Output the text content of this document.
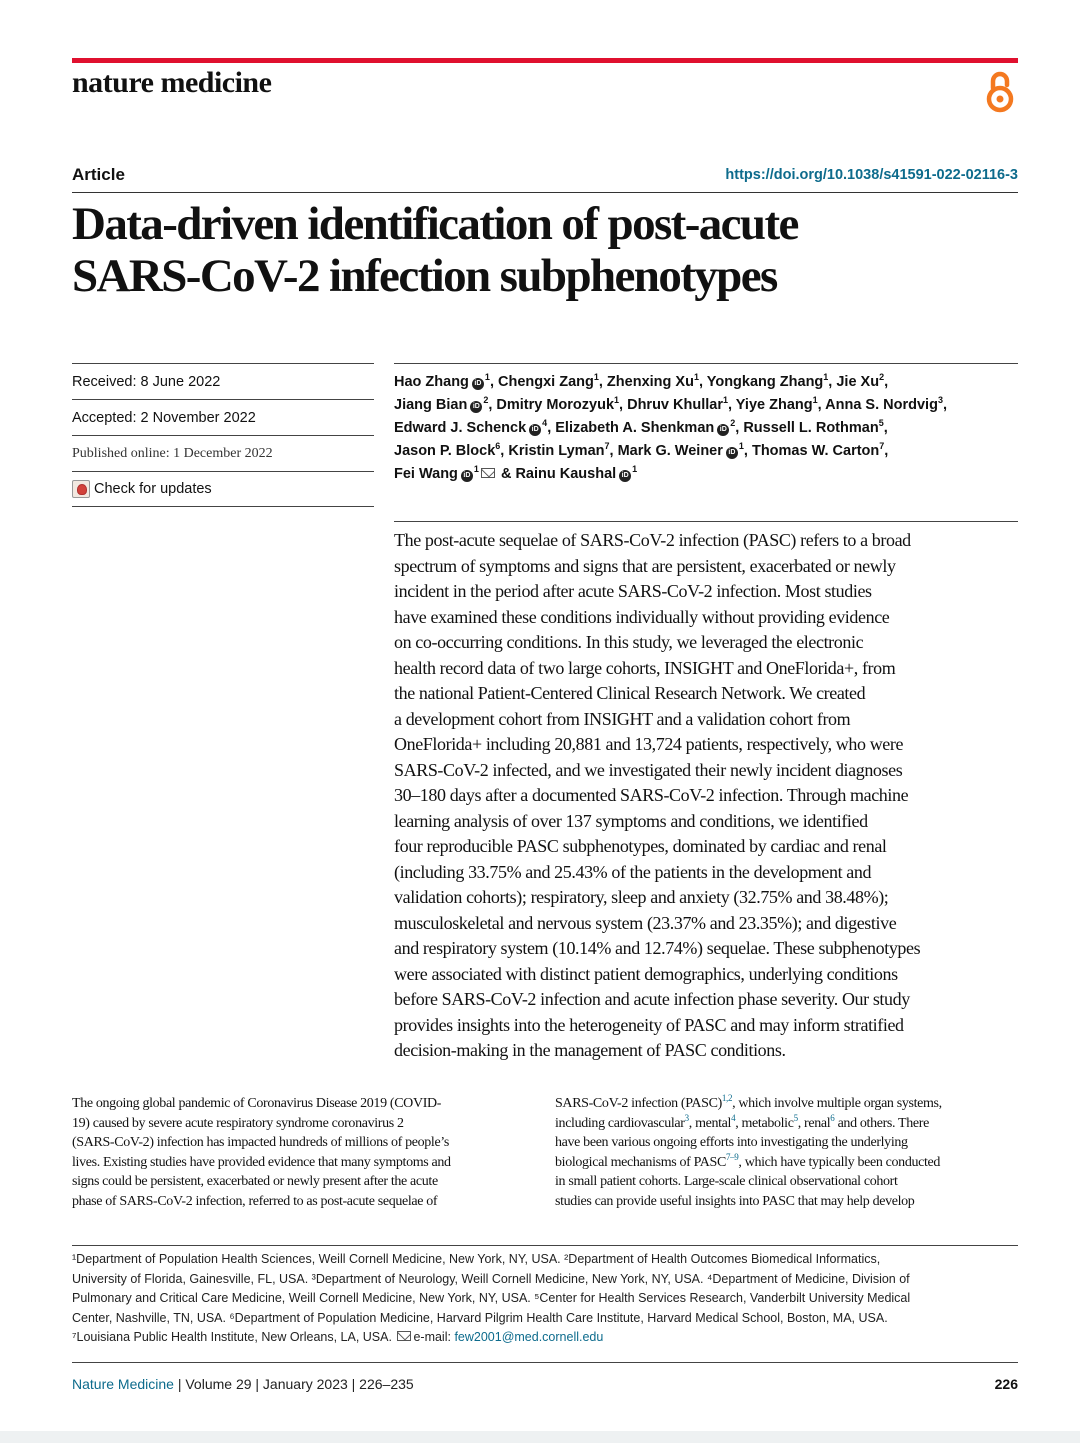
nature medicine
Article	https://doi.org/10.1038/s41591-022-02116-3
Data-driven identification of post-acute
SARS-CoV-2 infection subphenotypes
Received: 8 June 2022
Accepted: 2 November 2022
Published online: 1 December 2022
Check for updates
Hao Zhang $iD^1$, Chengxi Zang$^1$, Zhenxing Xu$^1$, Yongkang Zhang$^1$, Jie Xu$^2$,
Jiang Bian $iD^2$, Dmitry Morozyuk$^1$, Dhruv Khullar$^1$, Yiye Zhang$^1$, Anna S. Nordvig$^3$,
Edward J. Schenck $iD^4$, Elizabeth A. Shenkman $iD^2$, Russell L. Rothman$^5$,
Jason P. Block$^6$, Kristin Lyman$^7$, Mark G. Weiner $iD^1$, Thomas W. Carton$^7$,
Fei Wang $iD^1$ & Rainu Kaushal $iD^1$
The post-acute sequelae of SARS-CoV-2 infection (PASC) refers to a broad
spectrum of symptoms and signs that are persistent, exacerbated or newly
incident in the period after acute SARS-CoV-2 infection. Most studies
have examined these conditions individually without providing evidence
on co-occurring conditions. In this study, we leveraged the electronic
health record data of two large cohorts, INSIGHT and OneFlorida+, from
the national Patient-Centered Clinical Research Network. We created
a development cohort from INSIGHT and a validation cohort from
OneFlorida+ including 20,881 and 13,724 patients, respectively, who were
SARS-CoV-2 infected, and we investigated their newly incident diagnoses
30–180 days after a documented SARS-CoV-2 infection. Through machine
learning analysis of over 137 symptoms and conditions, we identified
four reproducible PASC subphenotypes, dominated by cardiac and renal
(including 33.75% and 25.43% of the patients in the development and
validation cohorts); respiratory, sleep and anxiety (32.75% and 38.48%);
musculoskeletal and nervous system (23.37% and 23.35%); and digestive
and respiratory system (10.14% and 12.74%) sequelae. These subphenotypes
were associated with distinct patient demographics, underlying conditions
before SARS-CoV-2 infection and acute infection phase severity. Our study
provides insights into the heterogeneity of PASC and may inform stratified
decision-making in the management of PASC conditions.
The ongoing global pandemic of Coronavirus Disease 2019 (COVID-
19) caused by severe acute respiratory syndrome coronavirus 2
(SARS-CoV-2) infection has impacted hundreds of millions of people’s
lives. Existing studies have provided evidence that many symptoms and
signs could be persistent, exacerbated or newly present after the acute
phase of SARS-CoV-2 infection, referred to as post-acute sequelae of
SARS-CoV-2 infection (PASC)$^{1,2}$, which involve multiple organ systems,
including cardiovascular$^3$, mental$^4$, metabolic$^5$, renal$^6$ and others. There
have been various ongoing efforts into investigating the underlying
biological mechanisms of PASC$^{7-9}$, which have typically been conducted
in small patient cohorts. Large-scale clinical observational cohort
studies can provide useful insights into PASC that may help develop
¹Department of Population Health Sciences, Weill Cornell Medicine, New York, NY, USA. ²Department of Health Outcomes Biomedical Informatics,
University of Florida, Gainesville, FL, USA. ³Department of Neurology, Weill Cornell Medicine, New York, NY, USA. ⁴Department of Medicine, Division of
Pulmonary and Critical Care Medicine, Weill Cornell Medicine, New York, NY, USA. ⁵Center for Health Services Research, Vanderbilt University Medical
Center, Nashville, TN, USA. ⁶Department of Population Medicine, Harvard Pilgrim Health Care Institute, Harvard Medical School, Boston, MA, USA.
⁷Louisiana Public Health Institute, New Orleans, LA, USA. e-mail: few2001@med.cornell.edu
Nature Medicine | Volume 29 | January 2023 | 226–235	226
